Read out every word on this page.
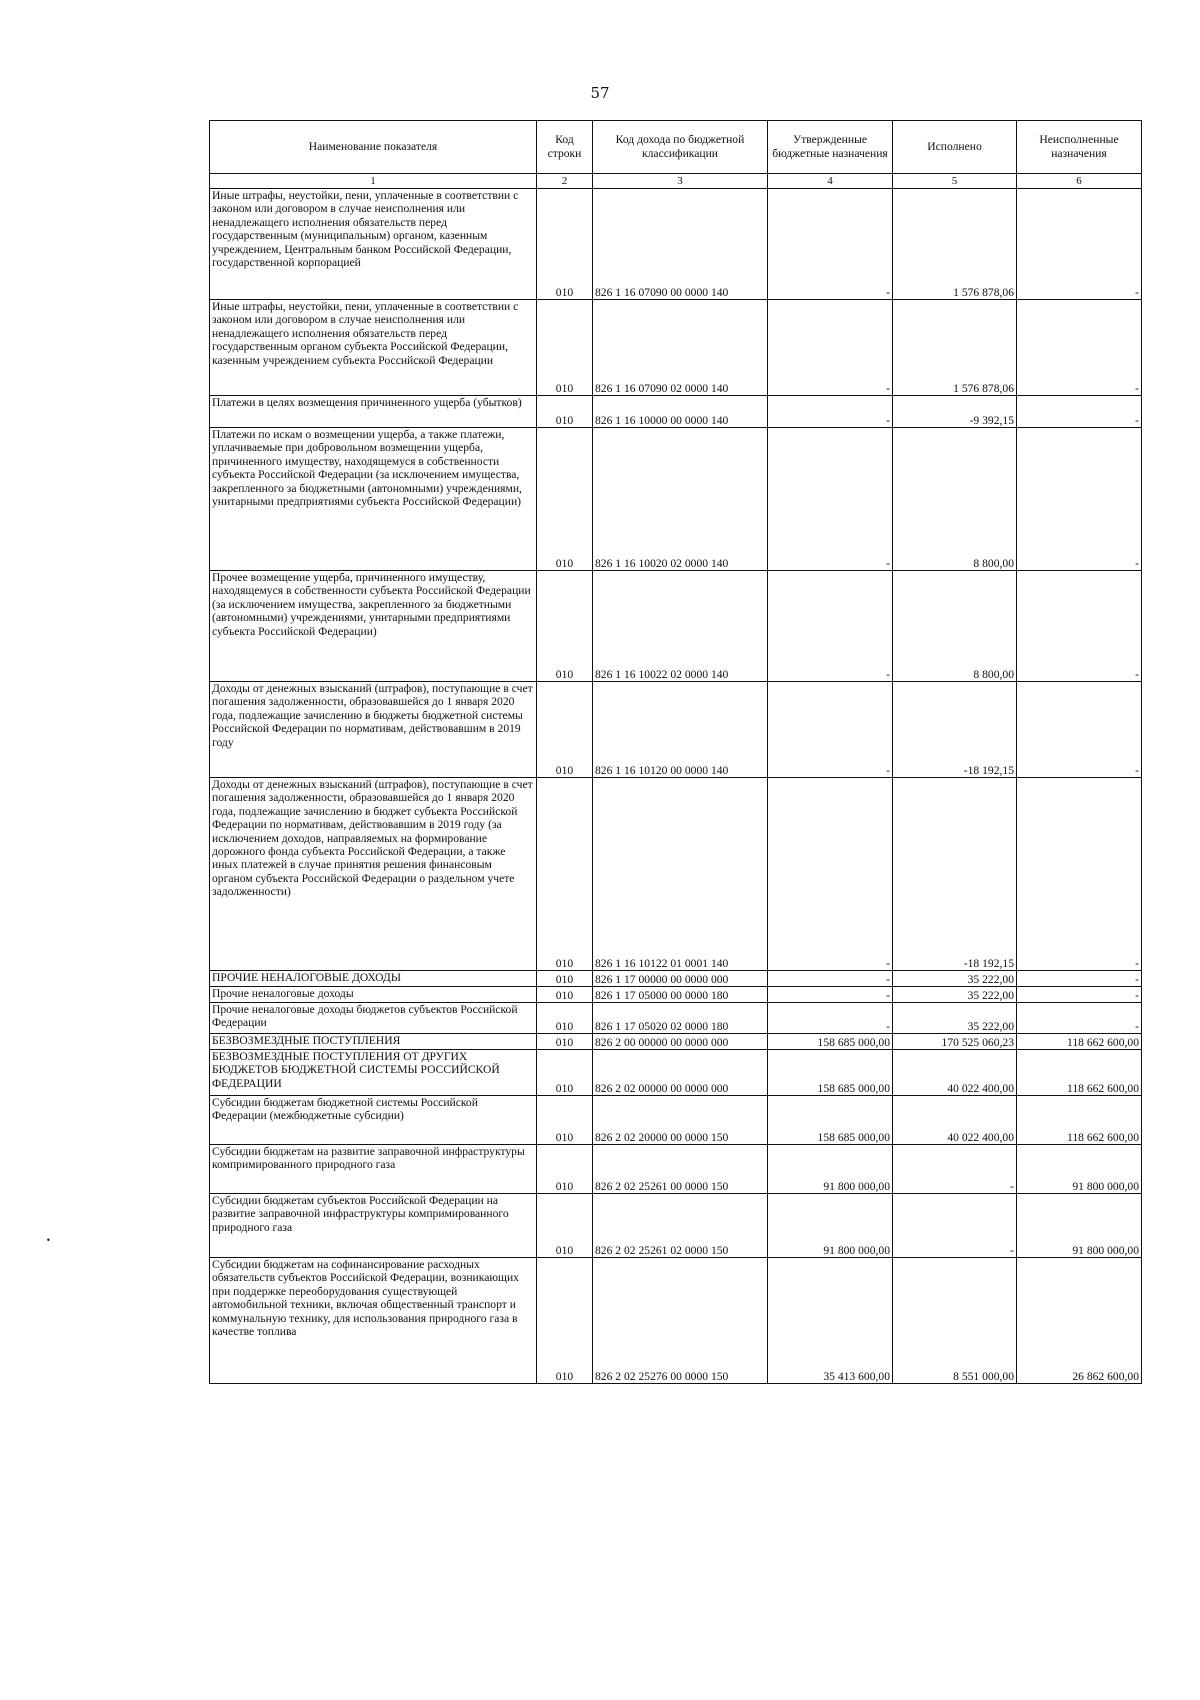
57
•
Наименование показателя	Код строки	Код дохода по бюджетной классификации	Утвержденные бюджетные назначения	Исполнено	Неисполненные назначения
1	2	3	4	5	6
Иные штрафы, неустойки, пени, уплаченные в соответствии с законом или договором в случае неисполнения или ненадлежащего исполнения обязательств перед государственным (муниципальным) органом, казенным учреждением, Центральным банком Российской Федерации, государственной корпорацией	010	826 1 16 07090 00 0000 140	-	1 576 878,06	-
Иные штрафы, неустойки, пени, уплаченные в соответствии с законом или договором в случае неисполнения или ненадлежащего исполнения обязательств перед государственным органом субъекта Российской Федерации, казенным учреждением субъекта Российской Федерации	010	826 1 16 07090 02 0000 140	-	1 576 878,06	-
Платежи в целях возмещения причиненного ущерба (убытков)	010	826 1 16 10000 00 0000 140	-	-9 392,15	-
Платежи по искам о возмещении ущерба, а также платежи, уплачиваемые при добровольном возмещении ущерба, причиненного имуществу, находящемуся в собственности субъекта Российской Федерации (за исключением имущества, закрепленного за бюджетными (автономными) учреждениями, унитарными предприятиями субъекта Российской Федерации)	010	826 1 16 10020 02 0000 140	-	8 800,00	-
Прочее возмещение ущерба, причиненного имуществу, находящемуся в собственности субъекта Российской Федерации (за исключением имущества, закрепленного за бюджетными (автономными) учреждениями, унитарными предприятиями субъекта Российской Федерации)	010	826 1 16 10022 02 0000 140	-	8 800,00	-
Доходы от денежных взысканий (штрафов), поступающие в счет погашения задолженности, образовавшейся до 1 января 2020 года, подлежащие зачислению в бюджеты бюджетной системы Российской Федерации по нормативам, действовавшим в 2019 году	010	826 1 16 10120 00 0000 140	-	-18 192,15	-
Доходы от денежных взысканий (штрафов), поступающие в счет погашения задолженности, образовавшейся до 1 января 2020 года, подлежащие зачислению в бюджет субъекта Российской Федерации по нормативам, действовавшим в 2019 году (за исключением доходов, направляемых на формирование дорожного фонда субъекта Российской Федерации, а также иных платежей в случае принятия решения финансовым органом субъекта Российской Федерации о раздельном учете задолженности)	010	826 1 16 10122 01 0001 140	-	-18 192,15	-
ПРОЧИЕ НЕНАЛОГОВЫЕ ДОХОДЫ	010	826 1 17 00000 00 0000 000	-	35 222,00	-
Прочие неналоговые доходы	010	826 1 17 05000 00 0000 180	-	35 222,00	-
Прочие неналоговые доходы бюджетов субъектов Российской Федерации	010	826 1 17 05020 02 0000 180	-	35 222,00	-
БЕЗВОЗМЕЗДНЫЕ ПОСТУПЛЕНИЯ	010	826 2 00 00000 00 0000 000	158 685 000,00	170 525 060,23	118 662 600,00
БЕЗВОЗМЕЗДНЫЕ ПОСТУПЛЕНИЯ ОТ ДРУГИХ БЮДЖЕТОВ БЮДЖЕТНОЙ СИСТЕМЫ РОССИЙСКОЙ ФЕДЕРАЦИИ	010	826 2 02 00000 00 0000 000	158 685 000,00	40 022 400,00	118 662 600,00
Субсидии бюджетам бюджетной системы Российской Федерации (межбюджетные субсидии)	010	826 2 02 20000 00 0000 150	158 685 000,00	40 022 400,00	118 662 600,00
Субсидии бюджетам на развитие заправочной инфраструктуры компримированного природного газа	010	826 2 02 25261 00 0000 150	91 800 000,00	-	91 800 000,00
Субсидии бюджетам субъектов Российской Федерации на развитие заправочной инфраструктуры компримированного природного газа	010	826 2 02 25261 02 0000 150	91 800 000,00	-	91 800 000,00
Субсидии бюджетам на софинансирование расходных обязательств субъектов Российской Федерации, возникающих при поддержке переоборудования существующей автомобильной техники, включая общественный транспорт и коммунальную технику, для использования природного газа в качестве топлива	010	826 2 02 25276 00 0000 150	35 413 600,00	8 551 000,00	26 862 600,00
